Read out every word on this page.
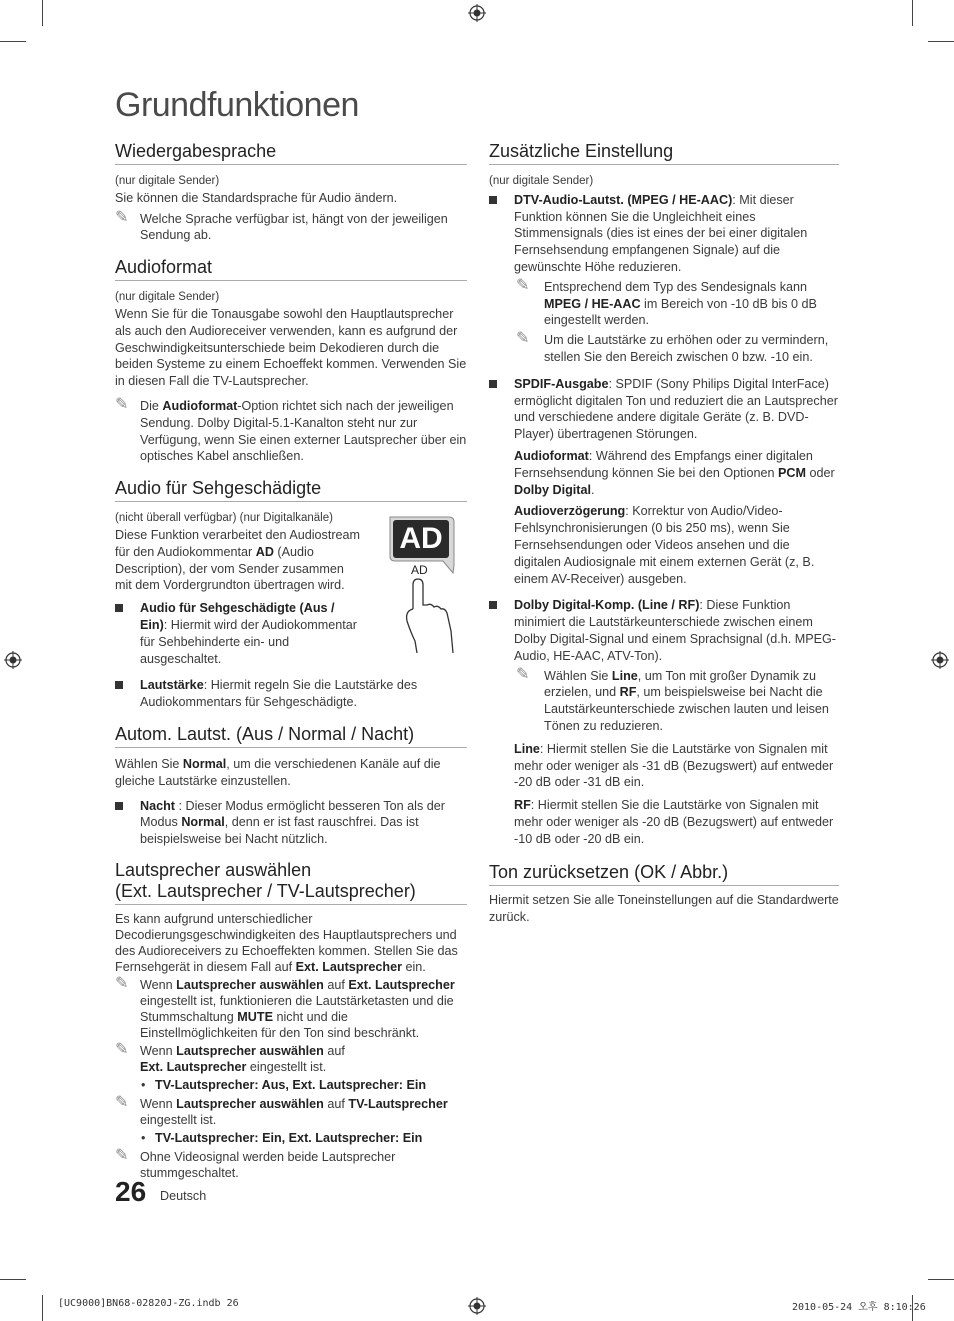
Grundfunktionen
Wiedergabesprache

(nur digitale Sender)

Sie können die Standardsprache für Audio ändern.

✎ Welche Sprache verfügbar ist, hängt von der jeweiligen Sendung ab.
Audioformat

(nur digitale Sender)

Wenn Sie für die Tonausgabe sowohl den Hauptlautsprecher als auch den Audioreceiver verwenden, kann es aufgrund der Geschwindigkeitsunterschiede beim Dekodieren durch die beiden Systeme zu einem Echoeffekt kommen. Verwenden Sie in diesen Fall die TV-Lautsprecher.

✎ Die Audioformat-Option richtet sich nach der jeweiligen Sendung. Dolby Digital-5.1-Kanalton steht nur zur Verfügung, wenn Sie einen externer Lautsprecher über ein optisches Kabel anschließen.
Audio für Sehgeschädigte

(nicht überall verfügbar) (nur Digitalkanäle)

Diese Funktion verarbeitet den Audiostream für den Audiokommentar AD (Audio Description), der vom Sender zusammen mit dem Vordergrundton übertragen wird.

Audio für Sehgeschädigte (Aus / Ein): Hiermit wird der Audiokommentar für Sehbehinderte ein- und ausgeschaltet.
Lautstärke: Hiermit regeln Sie die Lautstärke des Audiokommentars für Sehgeschädigte.
AD
AD
Autom. Lautst. (Aus / Normal / Nacht)

Wählen Sie Normal, um die verschiedenen Kanäle auf die gleiche Lautstärke einzustellen.

Nacht : Dieser Modus ermöglicht besseren Ton als der Modus Normal, denn er ist fast rauschfrei. Das ist beispielsweise bei Nacht nützlich.
Lautsprecher auswählen
(Ext. Lautsprecher / TV-Lautsprecher)

Es kann aufgrund unterschiedlicher Decodierungsgeschwindigkeiten des Hauptlautsprechers und des Audioreceivers zu Echoeffekten kommen. Stellen Sie das Fernsehgerät in diesem Fall auf Ext. Lautsprecher ein.

✎ Wenn Lautsprecher auswählen auf Ext. Lautsprecher eingestellt ist, funktionieren die Lautstärketasten und die Stummschaltung MUTE nicht und die Einstellmöglichkeiten für den Ton sind beschränkt.
✎ Wenn Lautsprecher auswählen auf
Ext. Lautsprecher eingestellt ist.
• TV-Lautsprecher: Aus, Ext. Lautsprecher: Ein
✎ Wenn Lautsprecher auswählen auf TV-Lautsprecher
eingestellt ist.
• TV-Lautsprecher: Ein, Ext. Lautsprecher: Ein
✎ Ohne Videosignal werden beide Lautsprecher stummgeschaltet.
Zusätzliche Einstellung

(nur digitale Sender)

DTV-Audio-Lautst. (MPEG / HE-AAC): Mit dieser Funktion können Sie die Ungleichheit eines Stimmensignals (dies ist eines der bei einer digitalen Fernsehsendung empfangenen Signale) auf die gewünschte Höhe reduzieren.
✎ Entsprechend dem Typ des Sendesignals kann MPEG / HE-AAC im Bereich von -10 dB bis 0 dB eingestellt werden.
✎ Um die Lautstärke zu erhöhen oder zu vermindern, stellen Sie den Bereich zwischen 0 bzw. -10 ein.
SPDIF-Ausgabe: SPDIF (Sony Philips Digital InterFace) ermöglicht digitalen Ton und reduziert die an Lautsprecher und verschiedene andere digitale Geräte (z. B. DVD-Player) übertragenen Störungen.
Audioformat: Während des Empfangs einer digitalen Fernsehsendung können Sie bei den Optionen PCM oder Dolby Digital.
Audioverzögerung: Korrektur von Audio/Video-Fehlsynchronisierungen (0 bis 250 ms), wenn Sie Fernsehsendungen oder Videos ansehen und die digitalen Audiosignale mit einem externen Gerät (z, B. einem AV-Receiver) ausgeben.
Dolby Digital-Komp. (Line / RF): Diese Funktion minimiert die Lautstärkeunterschiede zwischen einem Dolby Digital-Signal und einem Sprachsignal (d.h. MPEG-Audio, HE-AAC, ATV-Ton).
✎ Wählen Sie Line, um Ton mit großer Dynamik zu erzielen, und RF, um beispielsweise bei Nacht die Lautstärkeunterschiede zwischen lauten und leisen Tönen zu reduzieren.
Line: Hiermit stellen Sie die Lautstärke von Signalen mit mehr oder weniger als -31 dB (Bezugswert) auf entweder -20 dB oder -31 dB ein.
RF: Hiermit stellen Sie die Lautstärke von Signalen mit mehr oder weniger als -20 dB (Bezugswert) auf entweder -10 dB oder -20 dB ein.
Ton zurücksetzen (OK / Abbr.)

Hiermit setzen Sie alle Toneinstellungen auf die Standardwerte zurück.

26 Deutsch
[UC9000]BN68-02820J-ZG.indb 26	2010-05-24 오후 8:10:26
